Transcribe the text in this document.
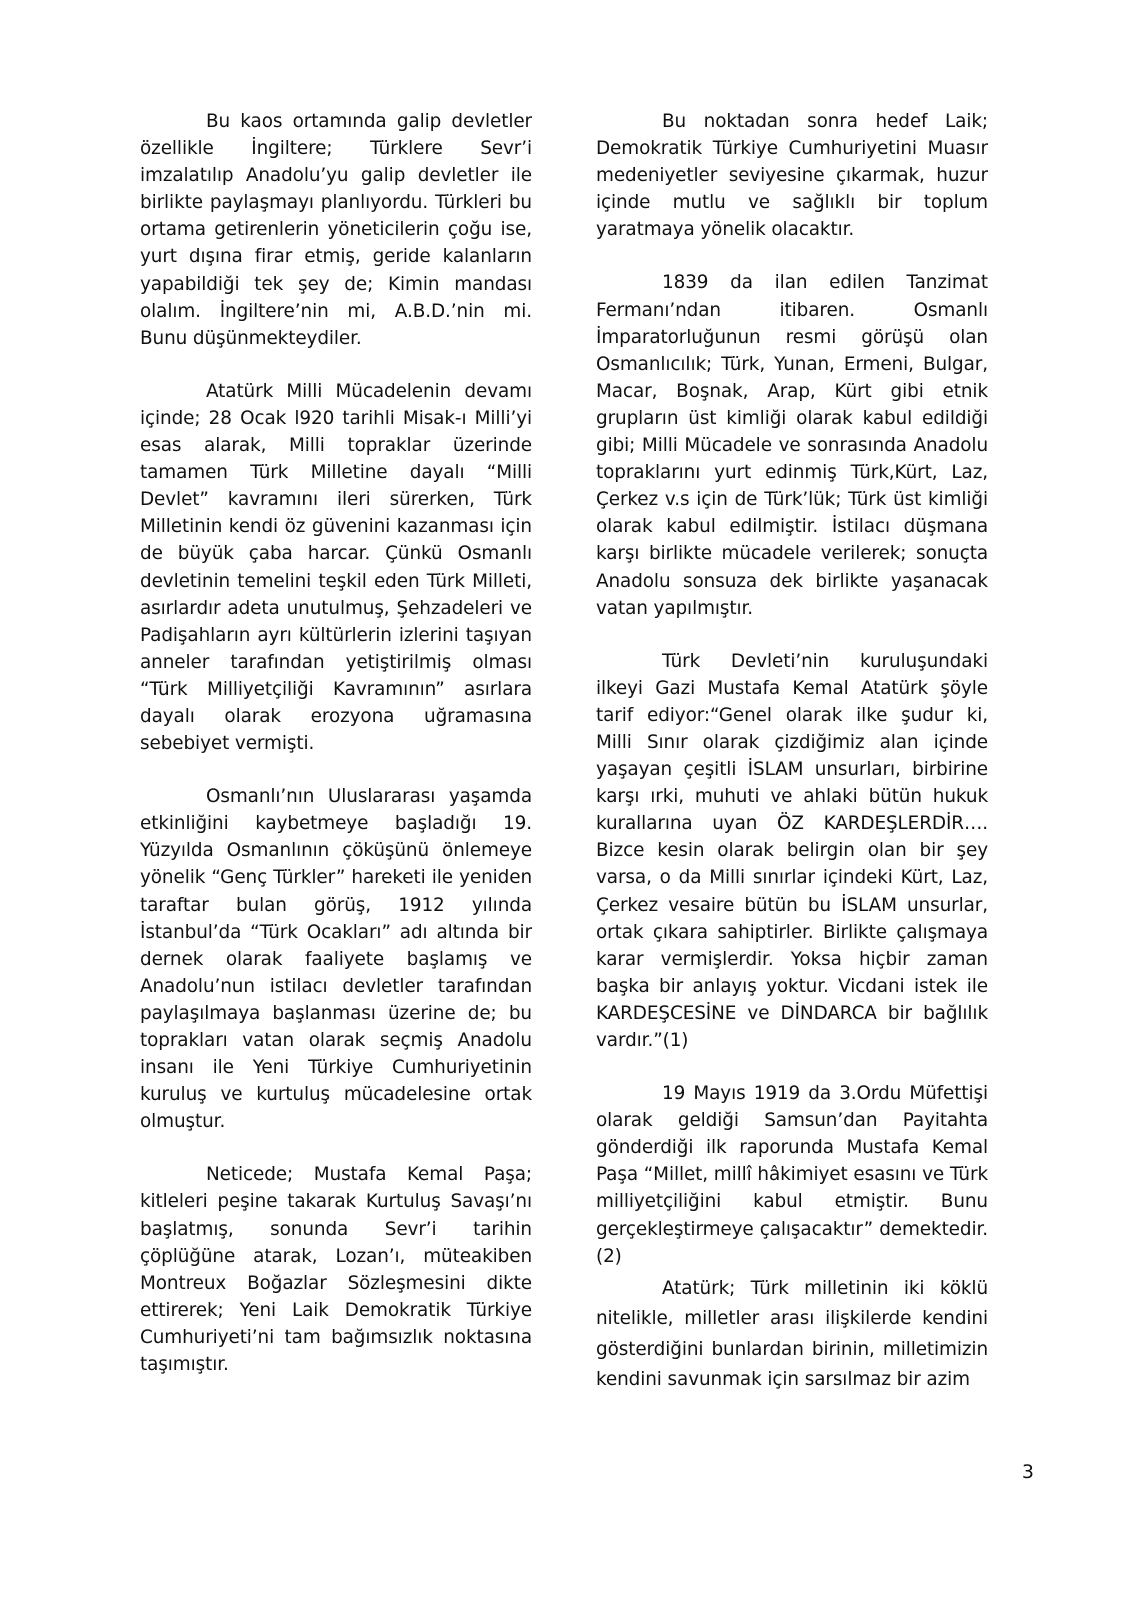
Bu kaos ortamında galip devletler özellikle İngiltere; Türklere Sevr’i imzalatılıp Anadolu’yu galip devletler ile birlikte paylaşmayı planlıyordu. Türkleri bu ortama getirenlerin yöneticilerin çoğu ise, yurt dışına firar etmiş, geride kalanların yapabildiği tek şey de; Kimin mandası olalım. İngiltere’nin mi, A.B.D.’nin mi. Bunu düşünmekteydiler.

Atatürk Milli Mücadelenin devamı içinde; 28 Ocak l920 tarihli Misak-ı Milli’yi esas alarak, Milli topraklar üzerinde tamamen Türk Milletine dayalı “Milli Devlet” kavramını ileri sürerken, Türk Milletinin kendi öz güvenini kazanması için de büyük çaba harcar. Çünkü Osmanlı devletinin temelini teşkil eden Türk Milleti, asırlardır adeta unutulmuş, Şehzadeleri ve Padişahların ayrı kültürlerin izlerini taşıyan anneler tarafından yetiştirilmiş olması “Türk Milliyetçiliği Kavramının” asırlara dayalı olarak erozyona uğramasına sebebiyet vermişti.

Osmanlı’nın Uluslararası yaşamda etkinliğini kaybetmeye başladığı 19. Yüzyılda Osmanlının çöküşünü önlemeye yönelik “Genç Türkler” hareketi ile yeniden taraftar bulan görüş, 1912 yılında İstanbul’da “Türk Ocakları” adı altında bir dernek olarak faaliyete başlamış ve Anadolu’nun istilacı devletler tarafından paylaşılmaya başlanması üzerine de; bu toprakları vatan olarak seçmiş Anadolu insanı ile Yeni Türkiye Cumhuriyetinin kuruluş ve kurtuluş mücadelesine ortak olmuştur.

Neticede; Mustafa Kemal Paşa; kitleleri peşine takarak Kurtuluş Savaşı’nı başlatmış, sonunda Sevr’i tarihin çöplüğüne atarak, Lozan’ı, müteakiben Montreux Boğazlar Sözleşmesini dikte ettirerek; Yeni Laik Demokratik Türkiye Cumhuriyeti’ni tam bağımsızlık noktasına taşımıştır.

Bu noktadan sonra hedef Laik; Demokratik Türkiye Cumhuriyetini Muasır medeniyetler seviyesine çıkarmak, huzur içinde mutlu ve sağlıklı bir toplum yaratmaya yönelik olacaktır.

1839 da ilan edilen Tanzimat Fermanı’ndan itibaren. Osmanlı İmparatorluğunun resmi görüşü olan Osmanlıcılık; Türk, Yunan, Ermeni, Bulgar, Macar, Boşnak, Arap, Kürt gibi etnik grupların üst kimliği olarak kabul edildiği gibi; Milli Mücadele ve sonrasında Anadolu topraklarını yurt edinmiş Türk,Kürt, Laz, Çerkez v.s için de Türk’lük; Türk üst kimliği olarak kabul edilmiştir. İstilacı düşmana karşı birlikte mücadele verilerek; sonuçta Anadolu sonsuza dek birlikte yaşanacak vatan yapılmıştır.

Türk Devleti’nin kuruluşundaki ilkeyi Gazi Mustafa Kemal Atatürk şöyle tarif ediyor:“Genel olarak ilke şudur ki, Milli Sınır olarak çizdiğimiz alan içinde yaşayan çeşitli İSLAM unsurları, birbirine karşı ırki, muhuti ve ahlaki bütün hukuk kurallarına uyan ÖZ KARDEŞLERDİR…. Bizce kesin olarak belirgin olan bir şey varsa, o da Milli sınırlar içindeki Kürt, Laz, Çerkez vesaire bütün bu İSLAM unsurlar, ortak çıkara sahiptirler. Birlikte çalışmaya karar vermişlerdir. Yoksa hiçbir zaman başka bir anlayış yoktur. Vicdani istek ile KARDEŞCESİNE ve DİNDARCA bir bağlılık vardır.”(1)

19 Mayıs 1919 da 3.Ordu Müfettişi olarak geldiği Samsun’dan Payitahta gönderdiği ilk raporunda Mustafa Kemal Paşa “Millet, millî hâkimiyet esasını ve Türk milliyetçiliğini kabul etmiştir. Bunu gerçekleştirmeye çalışacaktır” demektedir.(2)

Atatürk; Türk milletinin iki köklü nitelikle, milletler arası ilişkilerde kendini gösterdiğini bunlardan birinin, milletimizin kendini savunmak için sarsılmaz bir azim

3
